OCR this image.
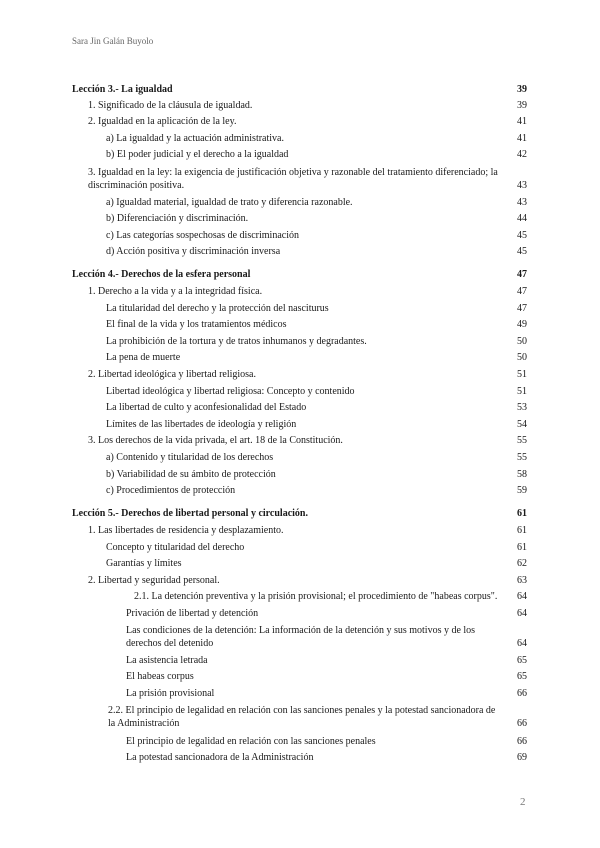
Sara Jin Galán Buyolo
Lección 3.- La igualdad	39
1. Significado de la cláusula de igualdad.	39
2. Igualdad en la aplicación de la ley.	41
a) La igualdad y la actuación administrativa.	41
b) El poder judicial y el derecho a la igualdad	42
3. Igualdad en la ley: la exigencia de justificación objetiva y razonable del tratamiento diferenciado; la discriminación positiva.	43
a) Igualdad material, igualdad de trato y diferencia razonable.	43
b) Diferenciación y discriminación.	44
c) Las categorías sospechosas de discriminación	45
d) Acción positiva y discriminación inversa	45
Lección 4.- Derechos de la esfera personal	47
1. Derecho a la vida y a la integridad física.	47
La titularidad del derecho y la protección del nasciturus	47
El final de la vida y los tratamientos médicos	49
La prohibición de la tortura y de tratos inhumanos y degradantes.	50
La pena de muerte	50
2. Libertad ideológica y libertad religiosa.	51
Libertad ideológica y libertad religiosa: Concepto y contenido	51
La libertad de culto y aconfesionalidad del Estado	53
Límites de las libertades de ideología y religión	54
3. Los derechos de la vida privada, el art. 18 de la Constitución.	55
a) Contenido y titularidad de los derechos	55
b) Variabilidad de su ámbito de protección	58
c) Procedimientos de protección	59
Lección 5.- Derechos de libertad personal y circulación.	61
1. Las libertades de residencia y desplazamiento.	61
Concepto y titularidad del derecho	61
Garantías y límites	62
2. Libertad y seguridad personal.	63
2.1. La detención preventiva y la prisión provisional; el procedimiento de "habeas corpus".	64
Privación de libertad y detención	64
Las condiciones de la detención: La información de la detención y sus motivos y de los derechos del detenido	64
La asistencia letrada	65
El habeas corpus	65
La prisión provisional	66
2.2. El principio de legalidad en relación con las sanciones penales y la potestad sancionadora de la Administración	66
El principio de legalidad en relación con las sanciones penales	66
La potestad sancionadora de la Administración	69
2
